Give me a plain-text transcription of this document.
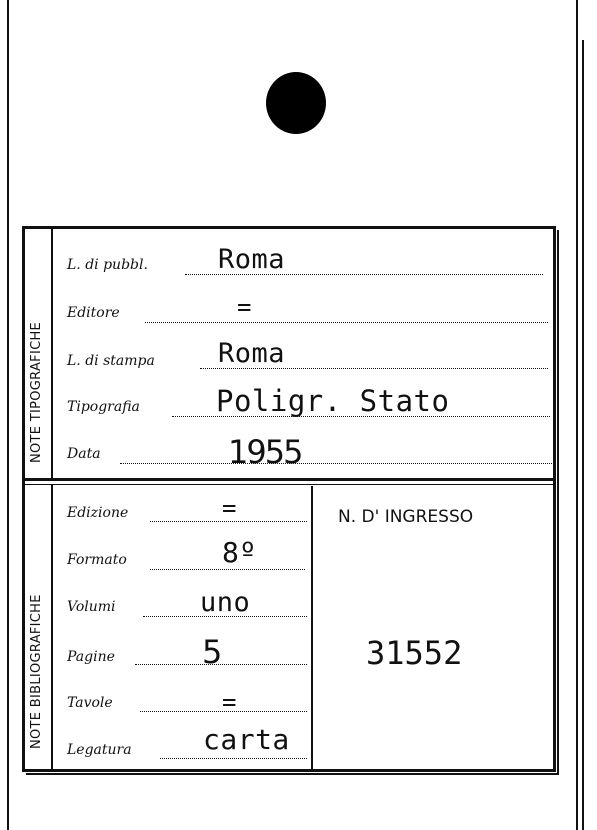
NOTE TIPOGRAFICHE
NOTE BIBLIOGRAFICHE
L. di pubbl.	Roma
Editore	=
L. di stampa Roma
Tipografia	Poligr. Stato
Data	1955
Edizione	=
Formato	8º
Volumi	uno
Pagine	5
Tavole	=
Legatura	carta
N. D' INGRESSO
31552
